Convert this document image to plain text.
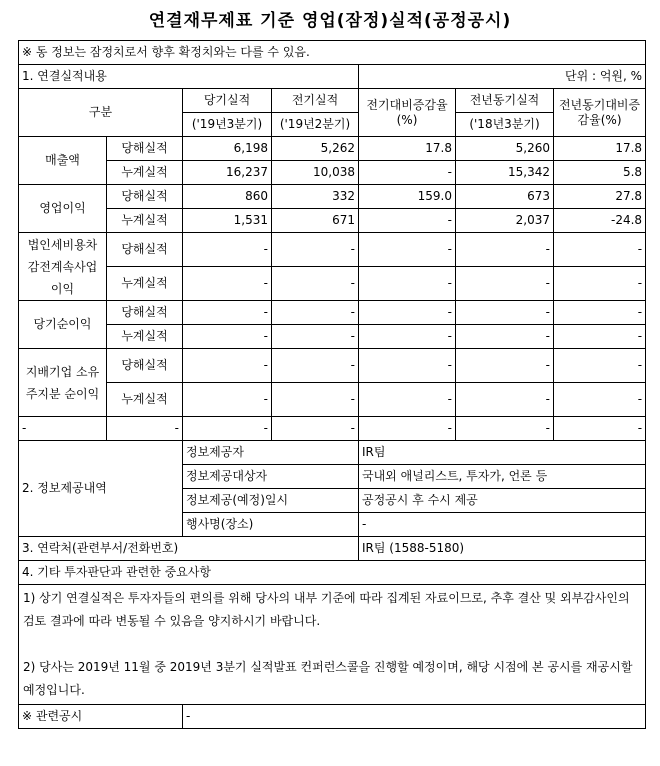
연결재무제표 기준 영업(잠정)실적(공정공시)
※ 동 정보는 잠정치로서 향후 확정치와는 다를 수 있음.						
1. 연결실적내용				단위 : 억원, %		
구분		당기실적	전기실적	전기대비증감율(%)	전년동기실적	전년동기대비증감율(%)
		('19년3분기)	('19년2분기)		('18년3분기)	

매출액	당해실적	6,198	5,262	17.8	5,260	17.8
	누계실적	16,237	10,038	-	15,342	5.8
영업이익	당해실적	860	332	159.0	673	27.8
	누계실적	1,531	671	-	2,037	-24.8
법인세비용차감전계속사업이익	당해실적	-	-	-	-	-
	누계실적	-	-	-	-	-
당기순이익	당해실적	-	-	-	-	-
	누계실적	-	-	-	-	-
지배기업 소유주지분 순이익	당해실적	-	-	-	-	-
	누계실적	-	-	-	-	-
-	-	-	-	-	-	-
2. 정보제공내역		정보제공자		IR팀		
		정보제공대상자		국내외 애널리스트, 투자가, 언론 등		
		정보제공(예정)일시		공정공시 후 수시 제공		
		행사명(장소)		-		
3. 연락처(관련부서/전화번호)				IR팀 (1588-5180)		
4. 기타 투자판단과 관련한 중요사항						

1) 상기 연결실적은 투자자들의 편의를 위해 당사의 내부 기준에 따라 집계된 자료이므로, 추후 결산 및 외부감사인의 검토 결과에 따라 변동될 수 있음을 양지하시기 바랍니다.
2) 당사는 2019년 11월 중 2019년 3분기 실적발표 컨퍼런스콜을 진행할 예정이며, 해당 시점에 본 공시를 재공시할 예정입니다.						

※ 관련공시		-				
